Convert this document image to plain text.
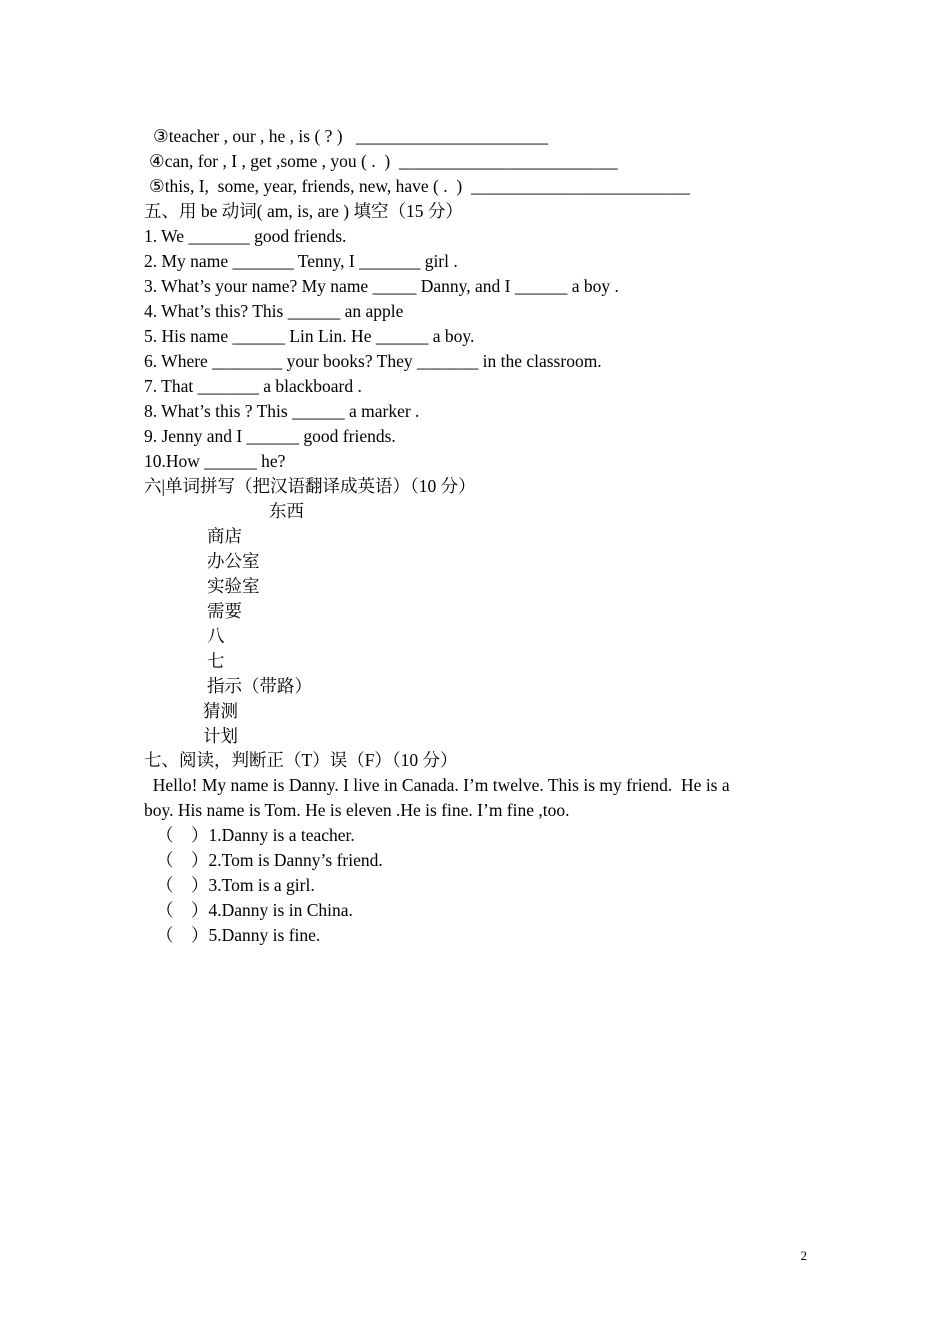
③teacher , our , he , is ( ? )   ______________________
④can, for , I , get ,some , you ( .  )  _________________________
⑤this, I,  some, year, friends, new, have ( .  )  _________________________
五、用 be 动词( am, is, are ) 填空（15 分）
1. We _______ good friends.
2. My name _______ Tenny, I _______ girl .
3. What’s your name? My name _____ Danny, and I ______ a boy .
4. What’s this? This ______ an apple
5. His name ______ Lin Lin. He ______ a boy.
6. Where ________ your books? They _______ in the classroom.
7. That _______ a blackboard .
8. What’s this ? This ______ a marker .
9. Jenny and I ______ good friends.
10.How ______ he?
六|单词拼写（把汉语翻译成英语）（10 分）
东西
商店
办公室
实验室
需要
八
七
指示（带路）
猜测
计划
七、阅读，判断正（T）误（F）（10 分）
Hello! My name is Danny. I live in Canada. I’m twelve. This is my friend.  He is a
boy. His name is Tom. He is eleven .He is fine. I’m fine ,too.
（    ）1.Danny is a teacher.
（    ）2.Tom is Danny’s friend.
（    ）3.Tom is a girl.
（    ）4.Danny is in China.
（    ）5.Danny is fine.
2
